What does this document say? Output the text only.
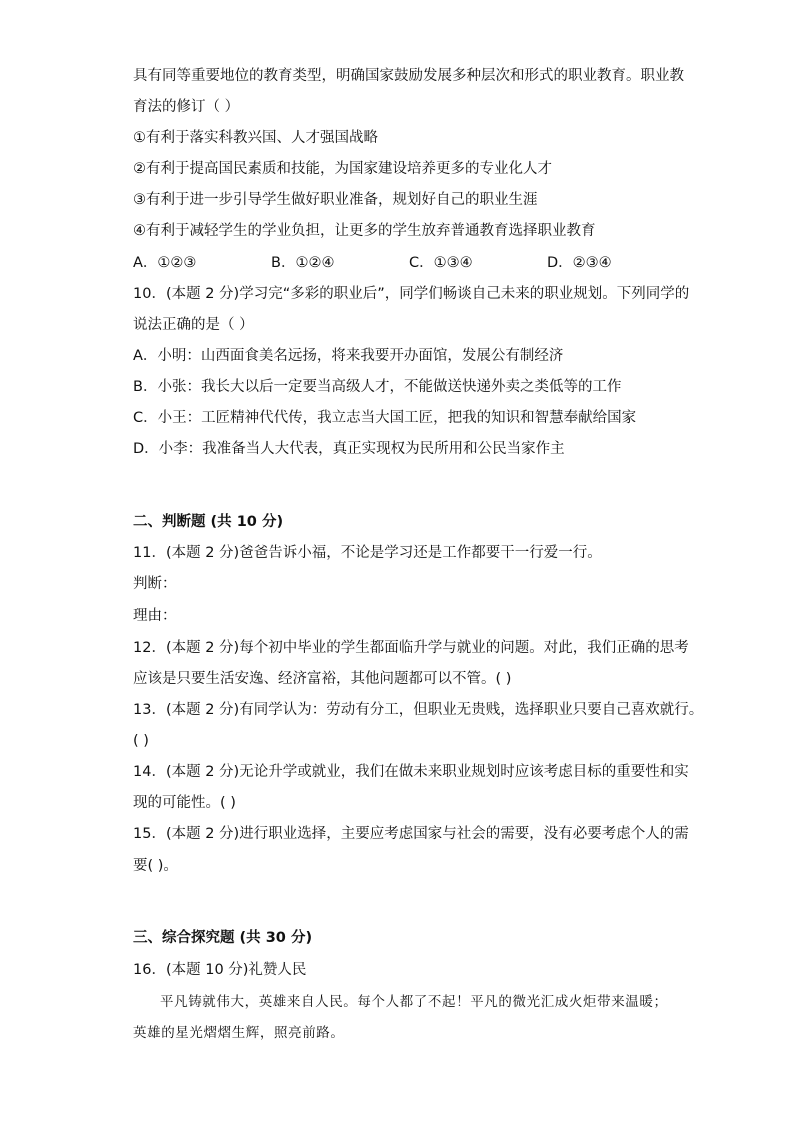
具有同等重要地位的教育类型，明确国家鼓励发展多种层次和形式的职业教育。职业教
育法的修订（ ）
①有利于落实科教兴国、人才强国战略
②有利于提高国民素质和技能，为国家建设培养更多的专业化人才
③有利于进一步引导学生做好职业准备，规划好自己的职业生涯
④有利于减轻学生的学业负担，让更多的学生放弃普通教育选择职业教育
A．①②③	B．①②④	C．①③④	D．②③④
10．(本题 2 分)学习完“多彩的职业后”，同学们畅谈自己未来的职业规划。下列同学的
说法正确的是（ ）
A．小明：山西面食美名远扬，将来我要开办面馆，发展公有制经济
B．小张：我长大以后一定要当高级人才，不能做送快递外卖之类低等的工作
C．小王：工匠精神代代传，我立志当大国工匠，把我的知识和智慧奉献给国家
D．小李：我准备当人大代表，真正实现权为民所用和公民当家作主
二、判断题 (共 10 分)
11．(本题 2 分)爸爸告诉小福，不论是学习还是工作都要干一行爱一行。
判断：
理由：
12．(本题 2 分)每个初中毕业的学生都面临升学与就业的问题。对此，我们正确的思考
应该是只要生活安逸、经济富裕，其他问题都可以不管。( )
13．(本题 2 分)有同学认为：劳动有分工，但职业无贵贱，选择职业只要自己喜欢就行。
( )
14．(本题 2 分)无论升学或就业，我们在做未来职业规划时应该考虑目标的重要性和实
现的可能性。( )
15．(本题 2 分)进行职业选择，主要应考虑国家与社会的需要，没有必要考虑个人的需
要( )。
三、综合探究题 (共 30 分)
16．(本题 10 分)礼赞人民
平凡铸就伟大，英雄来自人民。每个人都了不起！平凡的微光汇成火炬带来温暖；
英雄的星光熠熠生辉，照亮前路。
